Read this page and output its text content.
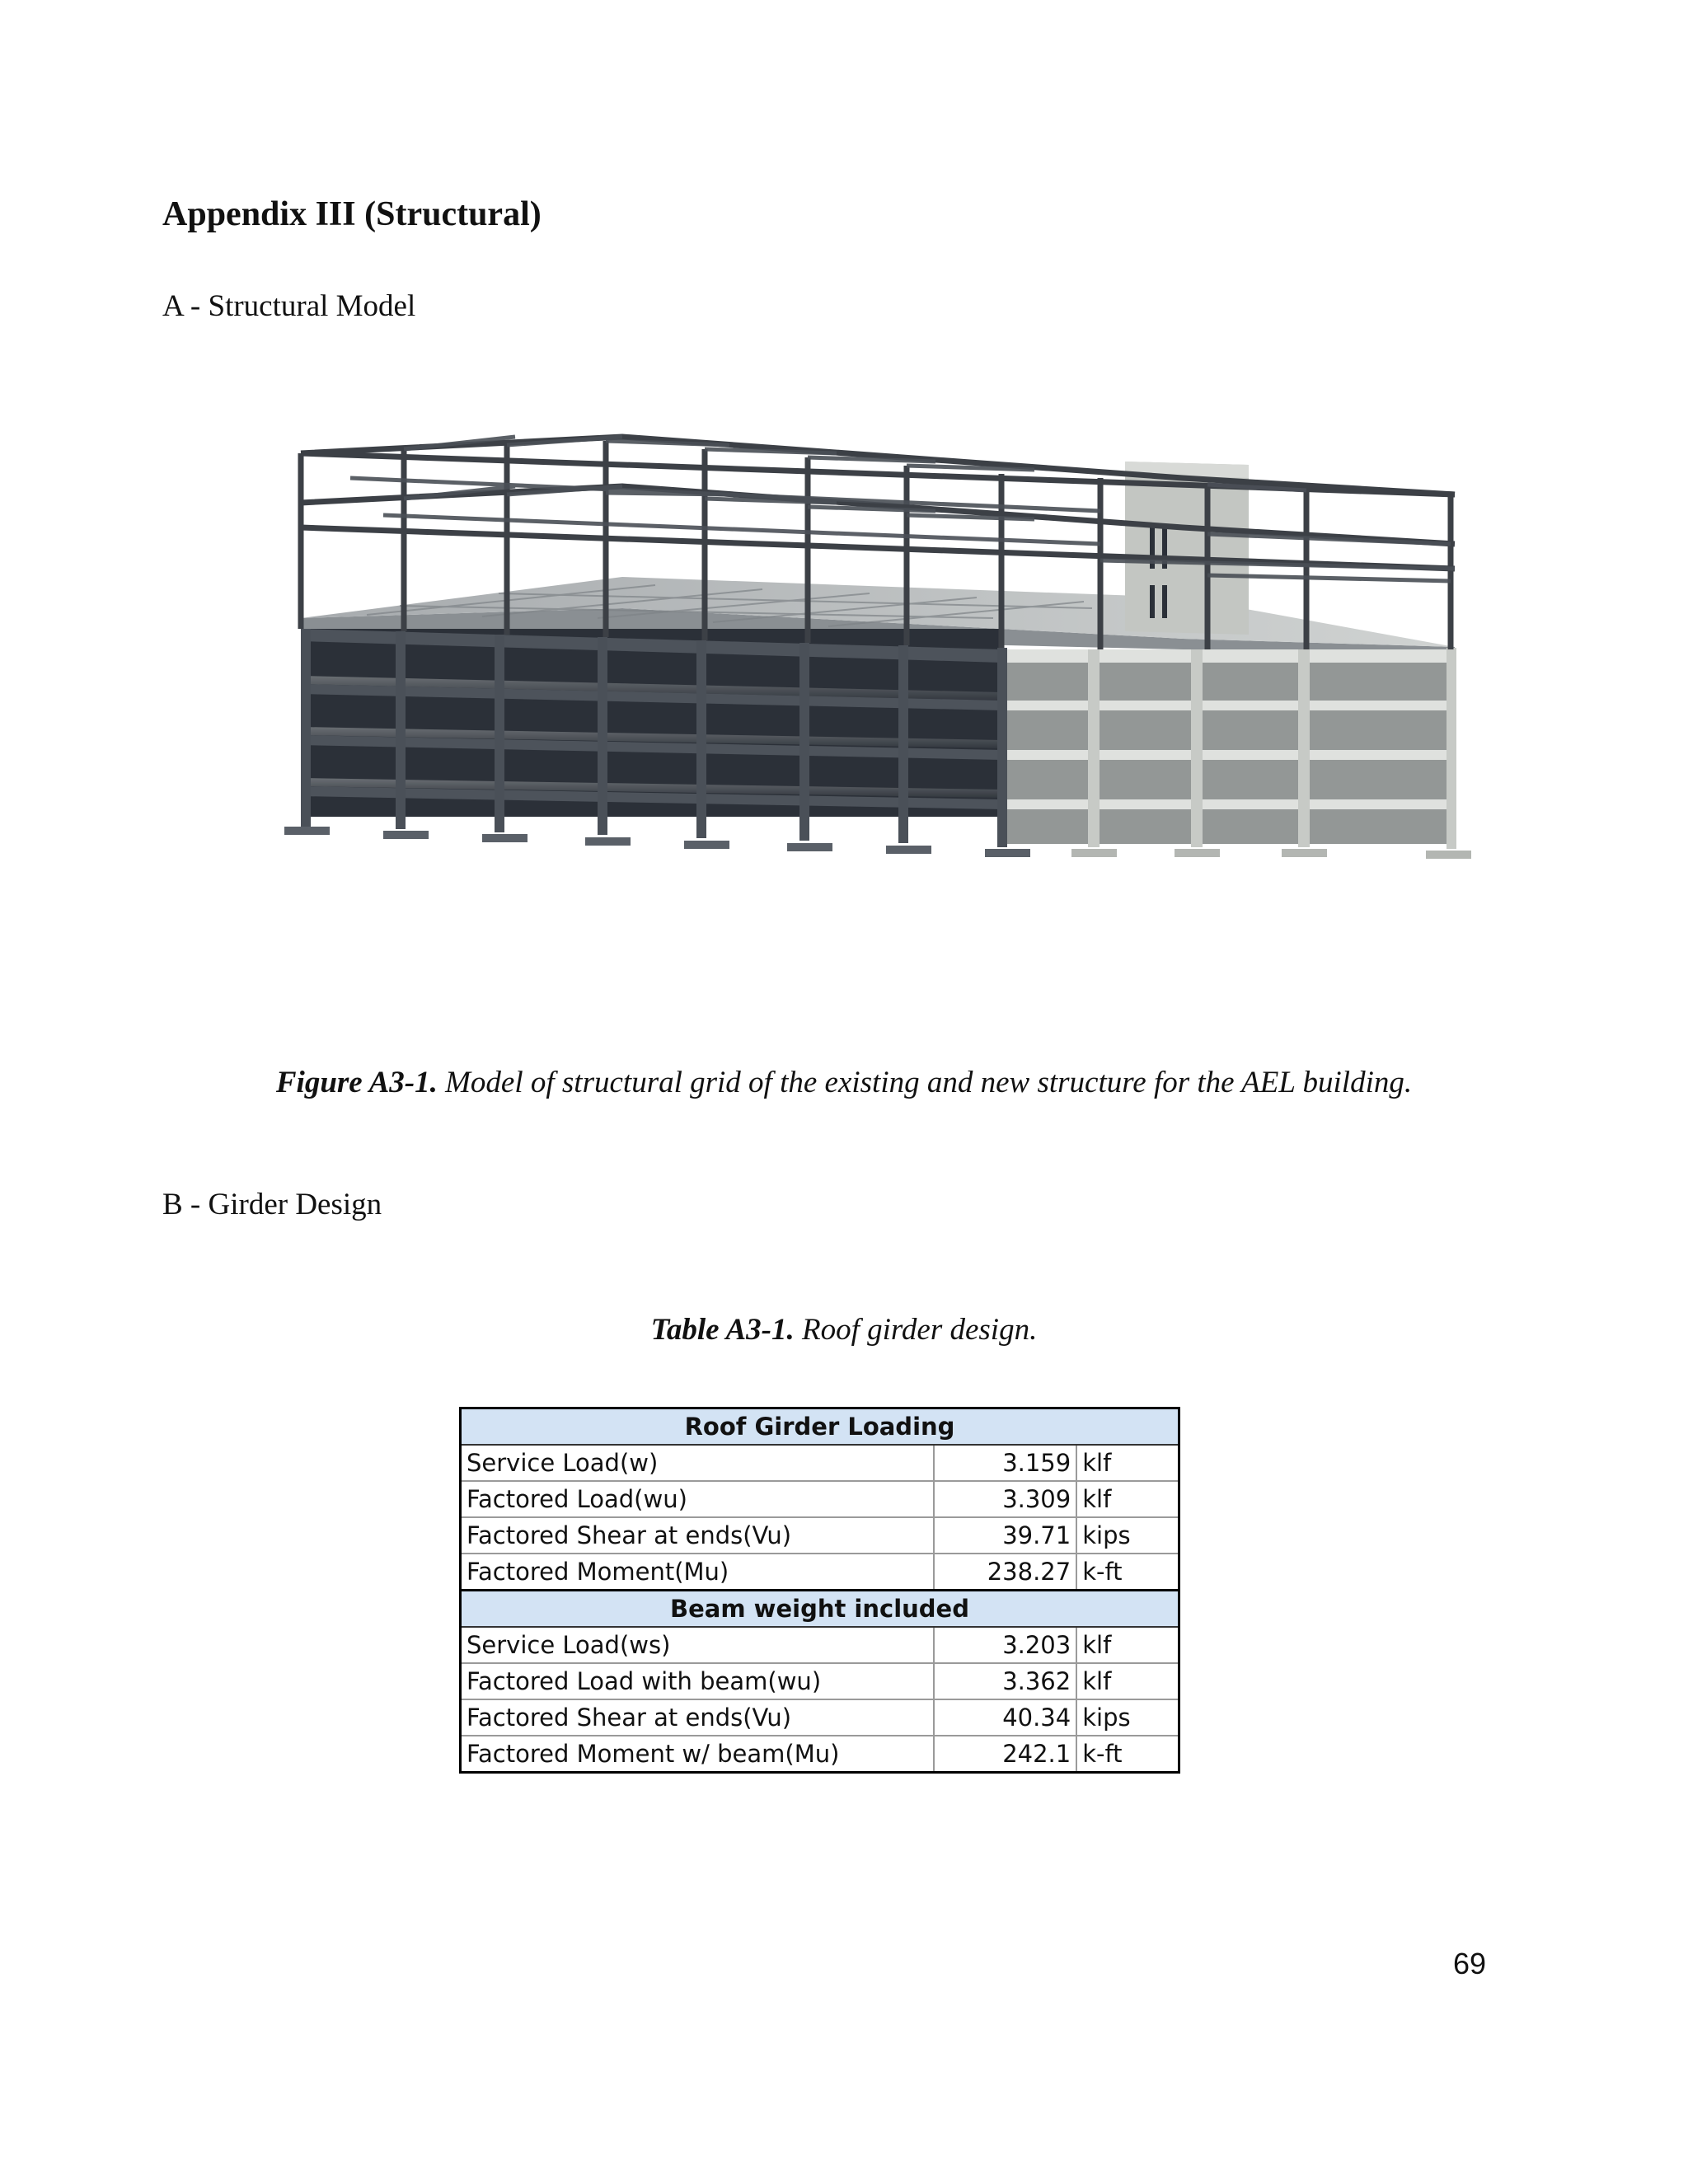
Appendix III (Structural)

A - Structural Model

Figure A3-1. Model of structural grid of the existing and new structure for the AEL building.

B - Girder Design

Table A3-1. Roof girder design.

Roof Girder Loading		
Service Load(w)	3.159	klf
Factored Load(wu)	3.309	klf
Factored Shear at ends(Vu)	39.71	kips
Factored Moment(Mu)	238.27	k-ft
Beam weight included		
Service Load(ws)	3.203	klf
Factored Load with beam(wu)	3.362	klf
Factored Shear at ends(Vu)	40.34	kips
Factored Moment w/ beam(Mu)	242.1	k-ft
69
